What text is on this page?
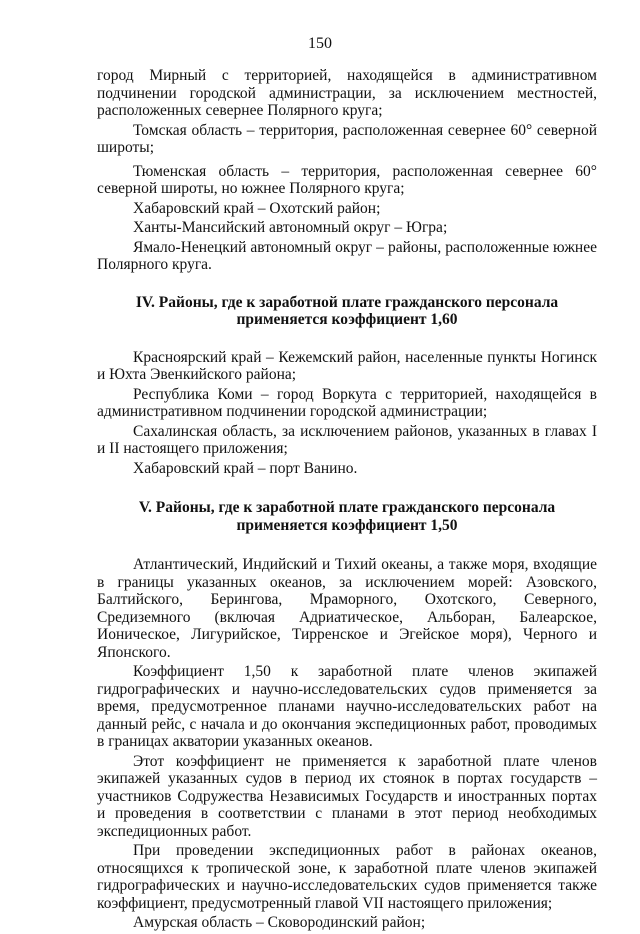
150

город Мирный с территорией, находящейся в административном подчинении городской администрации, за исключением местностей, расположенных севернее Полярного круга;

Томская область – территория, расположенная севернее 60° северной широты;

Тюменская область – территория, расположенная севернее 60° северной широты, но южнее Полярного круга;

Хабаровский край – Охотский район;

Ханты-Мансийский автономный округ – Югра;

Ямало-Ненецкий автономный округ – районы, расположенные южнее Полярного круга.

IV. Районы, где к заработной плате гражданского персонала

применяется коэффициент 1,60

Красноярский край – Кежемский район, населенные пункты Ногинск и Юхта Эвенкийского района;

Республика Коми – город Воркута с территорией, находящейся в административном подчинении городской администрации;

Сахалинская область, за исключением районов, указанных в главах I и II настоящего приложения;

Хабаровский край – порт Ванино.

V. Районы, где к заработной плате гражданского персонала

применяется коэффициент 1,50

Атлантический, Индийский и Тихий океаны, а также моря, входящие в границы указанных океанов, за исключением морей: Азовского, Балтийского, Берингова, Мраморного, Охотского, Северного, Средиземного (включая Адриатическое, Альборан, Балеарское, Ионическое, Лигурийское, Тирренское и Эгейское моря), Черного и Японского.

Коэффициент 1,50 к заработной плате членов экипажей гидрографических и научно-исследовательских судов применяется за время, предусмотренное планами научно-исследовательских работ на данный рейс, с начала и до окончания экспедиционных работ, проводимых в границах акватории указанных океанов.

Этот коэффициент не применяется к заработной плате членов экипажей указанных судов в период их стоянок в портах государств – участников Содружества Независимых Государств и иностранных портах и проведения в соответствии с планами в этот период необходимых экспедиционных работ.

При проведении экспедиционных работ в районах океанов, относящихся к тропической зоне, к заработной плате членов экипажей гидрографических и научно-исследовательских судов применяется также коэффициент, предусмотренный главой VII настоящего приложения;

Амурская область – Сковородинский район;
